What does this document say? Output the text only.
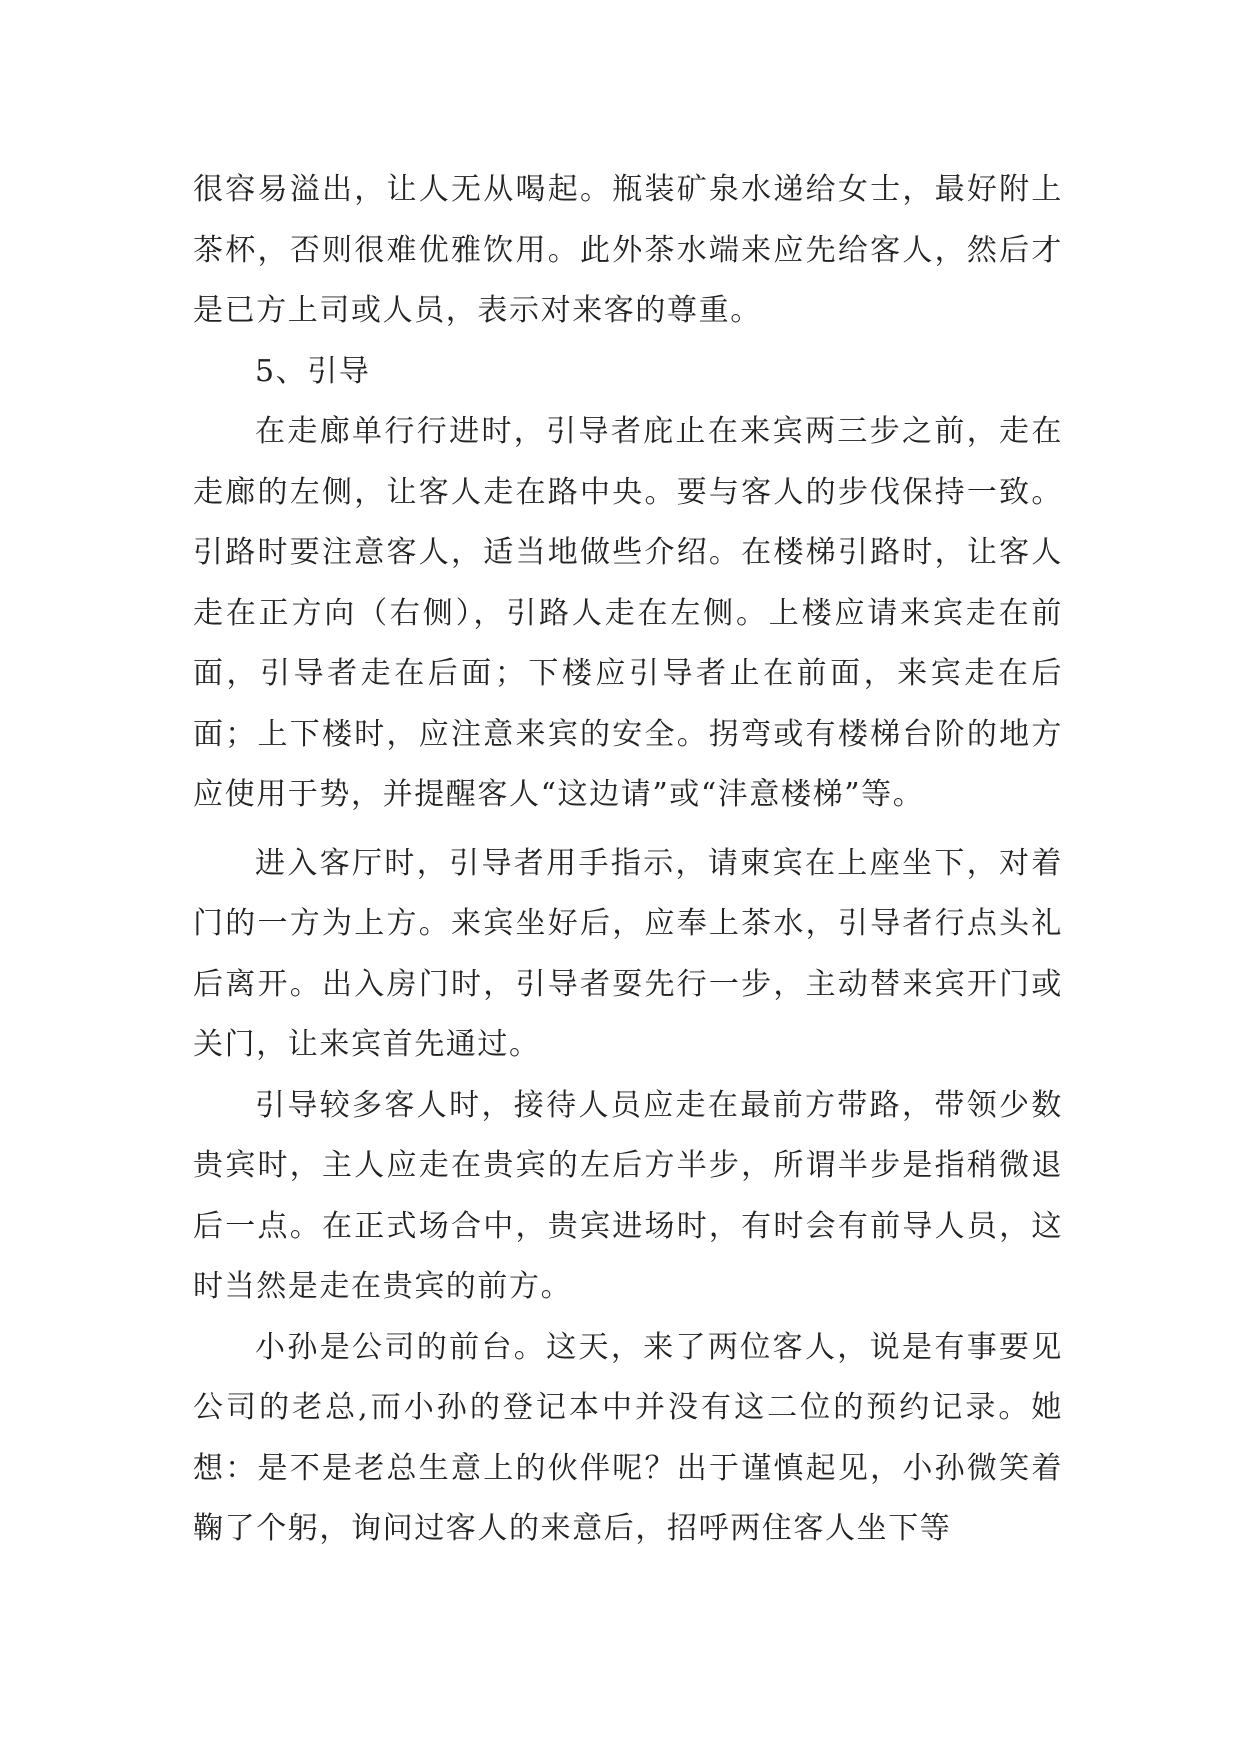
很容易溢出，让人无从喝起。瓶装矿泉水递给女士，最好附上茶杯，否则很难优雅饮用。此外茶水端来应先给客人，然后才是已方上司或人员，表示对来客的尊重。

5、引导

在走廊单行行进时，引导者庇止在来宾两三步之前，走在走廊的左侧，让客人走在路中央。要与客人的步伐保持一致。引路时要注意客人，适当地做些介绍。在楼梯引路时，让客人走在正方向（右侧），引路人走在左侧。上楼应请来宾走在前面，引导者走在后面；下楼应引导者止在前面，来宾走在后面；上下楼时，应注意来宾的安全。拐弯或有楼梯台阶的地方应使用于势，并提醒客人“这边请”或“沣意楼梯”等。

进入客厅时，引导者用手指示，请柬宾在上座坐下，对着门的一方为上方。来宾坐好后，应奉上茶水，引导者行点头礼后离开。出入房门时，引导者耍先行一步，主动替来宾开门或关门，让来宾首先通过。

引导较多客人时，接待人员应走在最前方带路，带领少数贵宾时，主人应走在贵宾的左后方半步，所谓半步是指稍微退后一点。在正式场合中，贵宾进场时，有时会有前导人员，这时当然是走在贵宾的前方。

小孙是公司的前台。这天，来了两位客人，说是有事要见公司的老总,而小孙的登记本中并没有这二位的预约记录。她想：是不是老总生意上的伙伴呢？出于谨慎起见，小孙微笑着鞠了个躬，询问过客人的来意后，招呼两住客人坐下等
